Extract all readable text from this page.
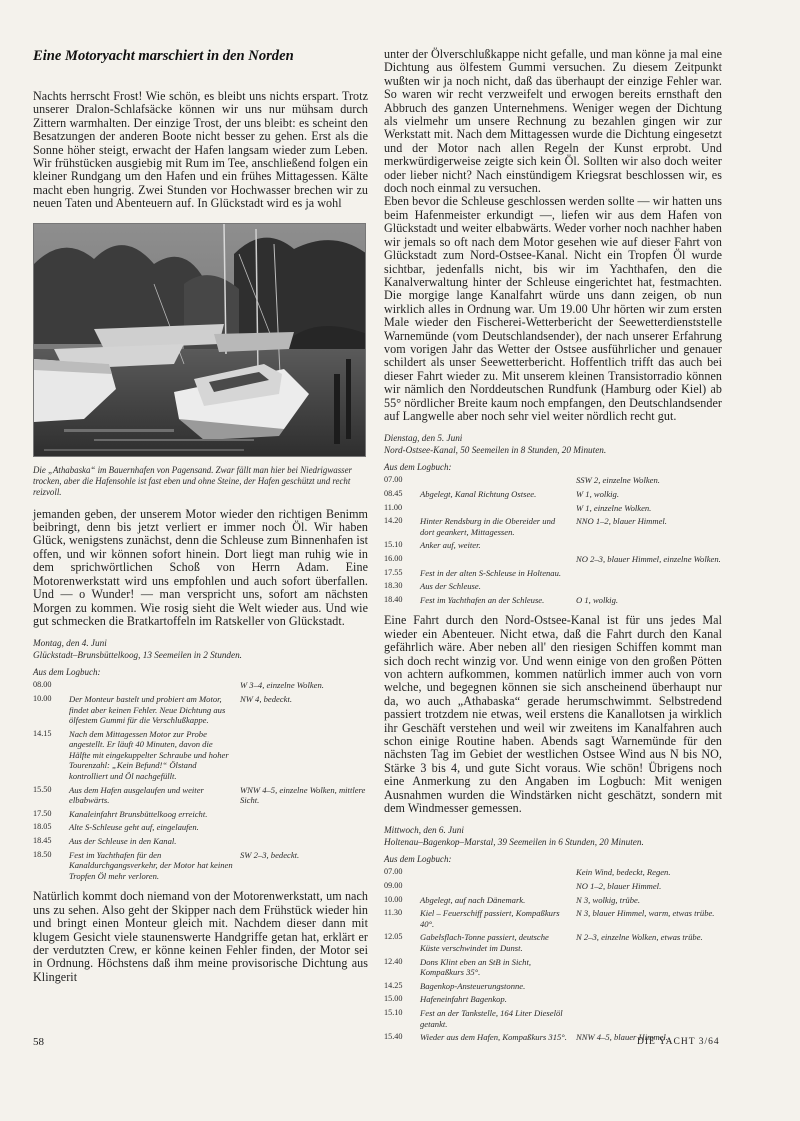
Eine Motoryacht marschiert in den Norden

Nachts herrscht Frost! Wie schön, es bleibt uns nichts erspart. Trotz unserer Dralon-Schlafsäcke können wir uns nur mühsam durch Zittern warmhalten. Der einzige Trost, der uns bleibt: es scheint den Besatzungen der anderen Boote nicht besser zu gehen. Erst als die Sonne höher steigt, erwacht der Hafen langsam wieder zum Leben. Wir frühstücken ausgiebig mit Rum im Tee, anschließend folgen ein kleiner Rundgang um den Hafen und ein frühes Mittagessen. Kälte macht eben hungrig. Zwei Stunden vor Hochwasser brechen wir zu neuen Taten und Abenteuern auf. In Glückstadt wird es ja wohl

Die „Athabaska“ im Bauernhafen von Pagensand. Zwar fällt man hier bei Niedrigwasser trocken, aber die Hafensohle ist fast eben und ohne Steine, der Hafen geschützt und recht reizvoll.

jemanden geben, der unserem Motor wieder den richtigen Benimm beibringt, denn bis jetzt verliert er immer noch Öl. Wir haben Glück, wenigstens zunächst, denn die Schleuse zum Binnenhafen ist offen, und wir können sofort hinein. Dort liegt man ruhig wie in dem sprichwörtlichen Schoß von Herrn Adam. Eine Motorenwerkstatt wird uns empfohlen und auch sofort überfallen. Und — o Wunder! — man verspricht uns, sofort am nächsten Morgen zu kommen. Wie rosig sieht die Welt wieder aus. Und wie gut schmecken die Bratkartoffeln im Ratskeller von Glückstadt.

Montag, den 4. Juni
Glückstadt–Brunsbüttelkoog, 13 Seemeilen in 2 Stunden.
Aus dem Logbuch:
08.00		W 3–4, einzelne Wolken.
10.00	Der Monteur bastelt und probiert am Motor, findet aber keinen Fehler. Neue Dichtung aus ölfestem Gummi für die Verschlußkappe.	NW 4, bedeckt.
14.15	Nach dem Mittagessen Motor zur Probe angestellt. Er läuft 40 Minuten, davon die Hälfte mit eingekuppelter Schraube und hoher Tourenzahl: „Kein Befund!“ Ölstand kontrolliert und Öl nachgefüllt.	
15.50	Aus dem Hafen ausgelaufen und weiter elbabwärts.	WNW 4–5, einzelne Wolken, mittlere Sicht.
17.50	Kanaleinfahrt Brunsbüttelkoog erreicht.	
18.05	Alte S-Schleuse geht auf, eingelaufen.	
18.45	Aus der Schleuse in den Kanal.	
18.50	Fest im Yachthafen für den Kanaldurchgangsverkehr, der Motor hat keinen Tropfen Öl mehr verloren.	SW 2–3, bedeckt.

Natürlich kommt doch niemand von der Motorenwerkstatt, um nach uns zu sehen. Also geht der Skipper nach dem Frühstück wieder hin und bringt einen Monteur gleich mit. Nachdem dieser dann mit klugem Gesicht viele staunenswerte Handgriffe getan hat, erklärt er der verdutzten Crew, er könne keinen Fehler finden, der Motor sei in Ordnung. Höchstens daß ihm meine provisorische Dichtung aus Klingerit

unter der Ölverschlußkappe nicht gefalle, und man könne ja mal eine Dichtung aus ölfestem Gummi versuchen. Zu diesem Zeitpunkt wußten wir ja noch nicht, daß das überhaupt der einzige Fehler war. So waren wir recht verzweifelt und erwogen bereits ernsthaft den Abbruch des ganzen Unternehmens. Weniger wegen der Dichtung als vielmehr um unsere Rechnung zu bezahlen gingen wir zur Werkstatt mit. Nach dem Mittagessen wurde die Dichtung eingesetzt und der Motor nach allen Regeln der Kunst erprobt. Und merkwürdigerweise zeigte sich kein Öl. Sollten wir also doch weiter oder lieber nicht? Nach einstündigem Kriegsrat beschlossen wir, es doch noch einmal zu versuchen.

Eben bevor die Schleuse geschlossen werden sollte — wir hatten uns beim Hafenmeister erkundigt —, liefen wir aus dem Hafen von Glückstadt und weiter elbabwärts. Weder vorher noch nachher haben wir jemals so oft nach dem Motor gesehen wie auf dieser Fahrt von Glückstadt zum Nord-Ostsee-Kanal. Nicht ein Tropfen Öl wurde sichtbar, jedenfalls nicht, bis wir im Yachthafen, den die Kanalverwaltung hinter der Schleuse eingerichtet hat, festmachten. Die morgige lange Kanalfahrt würde uns dann zeigen, ob nun wirklich alles in Ordnung war. Um 19.00 Uhr hörten wir zum ersten Male wieder den Fischerei-Wetterbericht der Seewetterdienststelle Warnemünde (vom Deutschlandsender), der nach unserer Erfahrung vom vorigen Jahr das Wetter der Ostsee ausführlicher und genauer schildert als unser Seewetterbericht. Hoffentlich trifft das auch bei dieser Fahrt wieder zu. Mit unserem kleinen Transistorradio können wir nämlich den Norddeutschen Rundfunk (Hamburg oder Kiel) ab 55° nördlicher Breite kaum noch empfangen, den Deutschlandsender auf Langwelle aber noch sehr viel weiter nördlich recht gut.

Dienstag, den 5. Juni
Nord-Ostsee-Kanal, 50 Seemeilen in 8 Stunden, 20 Minuten.
Aus dem Logbuch:
07.00		SSW 2, einzelne Wolken.
08.45	Abgelegt, Kanal Richtung Ostsee.	W 1, wolkig.
11.00		W 1, einzelne Wolken.
14.20	Hinter Rendsburg in die Obereider und dort geankert, Mittagessen.	NNO 1–2, blauer Himmel.
15.10	Anker auf, weiter.	
16.00		NO 2–3, blauer Himmel, einzelne Wolken.
17.55	Fest in der alten S-Schleuse in Holtenau.	
18.30	Aus der Schleuse.	
18.40	Fest im Yachthafen an der Schleuse.	O 1, wolkig.

Eine Fahrt durch den Nord-Ostsee-Kanal ist für uns jedes Mal wieder ein Abenteuer. Nicht etwa, daß die Fahrt durch den Kanal gefährlich wäre. Aber neben all' den riesigen Schiffen kommt man sich doch recht winzig vor. Und wenn einige von den großen Pötten von achtern aufkommen, kommen natürlich immer auch von vorn welche, und begegnen können sie sich anscheinend überhaupt nur da, wo auch „Athabaska“ gerade herumschwimmt. Selbstredend passiert trotzdem nie etwas, weil erstens die Kanallotsen ja wirklich ihr Geschäft verstehen und weil wir zweitens im Kanalfahren auch schon einige Routine haben. Abends sagt Warnemünde für den nächsten Tag im Gebiet der westlichen Ostsee Wind aus N bis NO, Stärke 3 bis 4, und gute Sicht voraus. Wie schön! Übrigens noch eine Anmerkung zu den Angaben im Logbuch: Mit wenigen Ausnahmen wurden die Windstärken nicht geschätzt, sondern mit dem Windmesser gemessen.

Mittwoch, den 6. Juni
Holtenau–Bagenkop–Marstal, 39 Seemeilen in 6 Stunden, 20 Minuten.
Aus dem Logbuch:
07.00		Kein Wind, bedeckt, Regen.
09.00		NO 1–2, blauer Himmel.
10.00	Abgelegt, auf nach Dänemark.	N 3, wolkig, trübe.
11.30	Kiel – Feuerschiff passiert, Kompaßkurs 40°.	N 3, blauer Himmel, warm, etwas trübe.
12.05	Gabelsflach-Tonne passiert, deutsche Küste verschwindet im Dunst.	N 2–3, einzelne Wolken, etwas trübe.
12.40	Dons Klint eben an StB in Sicht, Kompaßkurs 35°.	
14.25	Bagenkop-Ansteuerungstonne.	
15.00	Hafeneinfahrt Bagenkop.	
15.10	Fest an der Tankstelle, 164 Liter Dieselöl getankt.	
15.40	Wieder aus dem Hafen, Kompaßkurs 315°.	NNW 4–5, blauer Himmel.
58	DIE YACHT 3/64
